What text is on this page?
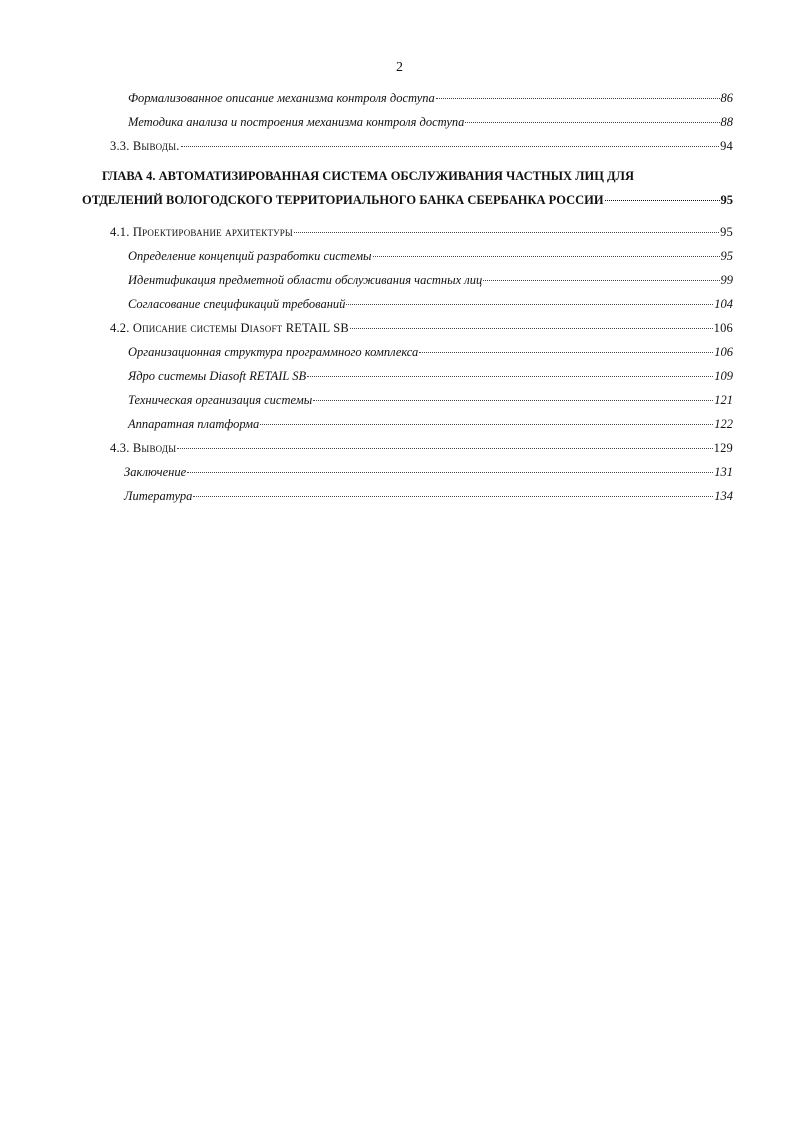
2
Формализованное описание механизма контроля доступа	86
Методика анализа и построения механизма контроля доступа	88
3.3. Выводы.	94
ГЛАВА 4. АВТОМАТИЗИРОВАННАЯ СИСТЕМА ОБСЛУЖИВАНИЯ ЧАСТНЫХ ЛИЦ ДЛЯ
ОТДЕЛЕНИЙ ВОЛОГОДСКОГО ТЕРРИТОРИАЛЬНОГО БАНКА СБЕРБАНКА РОССИИ	95
4.1. Проектирование архитектуры	95
Определение концепций разработки системы	95
Идентификация предметной области обслуживания частных лиц	99
Согласование спецификаций требований	104
4.2. Описание системы Diasoft RETAIL SB	106
Организационная структура программного комплекса	106
Ядро системы Diasoft RETAIL SB	109
Техническая организация системы	121
Аппаратная платформа	122
4.3. Выводы	129
Заключение	131
Литература	134
